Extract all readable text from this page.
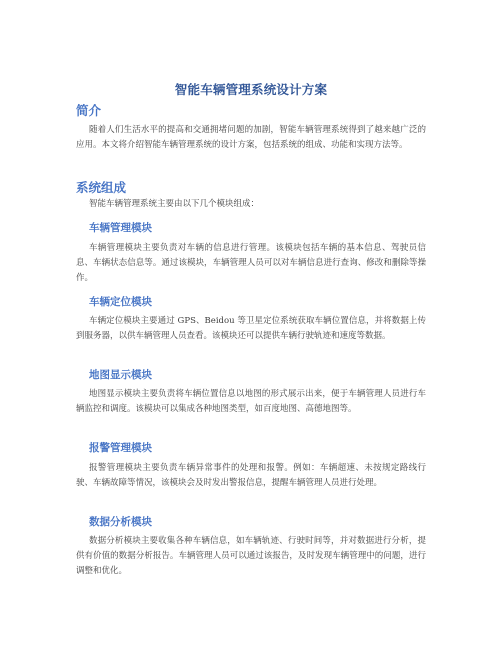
智能车辆管理系统设计方案
简介
随着人们生活水平的提高和交通拥堵问题的加剧，智能车辆管理系统得到了越来越广泛的应用。本文将介绍智能车辆管理系统的设计方案，包括系统的组成、功能和实现方法等。
系统组成
智能车辆管理系统主要由以下几个模块组成：
车辆管理模块
车辆管理模块主要负责对车辆的信息进行管理。该模块包括车辆的基本信息、驾驶员信息、车辆状态信息等。通过该模块，车辆管理人员可以对车辆信息进行查询、修改和删除等操作。
车辆定位模块
车辆定位模块主要通过 GPS、Beidou 等卫星定位系统获取车辆位置信息，并将数据上传到服务器，以供车辆管理人员查看。该模块还可以提供车辆行驶轨迹和速度等数据。
地图显示模块
地图显示模块主要负责将车辆位置信息以地图的形式展示出来，便于车辆管理人员进行车辆监控和调度。该模块可以集成各种地图类型，如百度地图、高德地图等。
报警管理模块
报警管理模块主要负责车辆异常事件的处理和报警。例如：车辆超速、未按规定路线行驶、车辆故障等情况，该模块会及时发出警报信息，提醒车辆管理人员进行处理。
数据分析模块
数据分析模块主要收集各种车辆信息，如车辆轨迹、行驶时间等，并对数据进行分析，提供有价值的数据分析报告。车辆管理人员可以通过该报告，及时发现车辆管理中的问题，进行调整和优化。
